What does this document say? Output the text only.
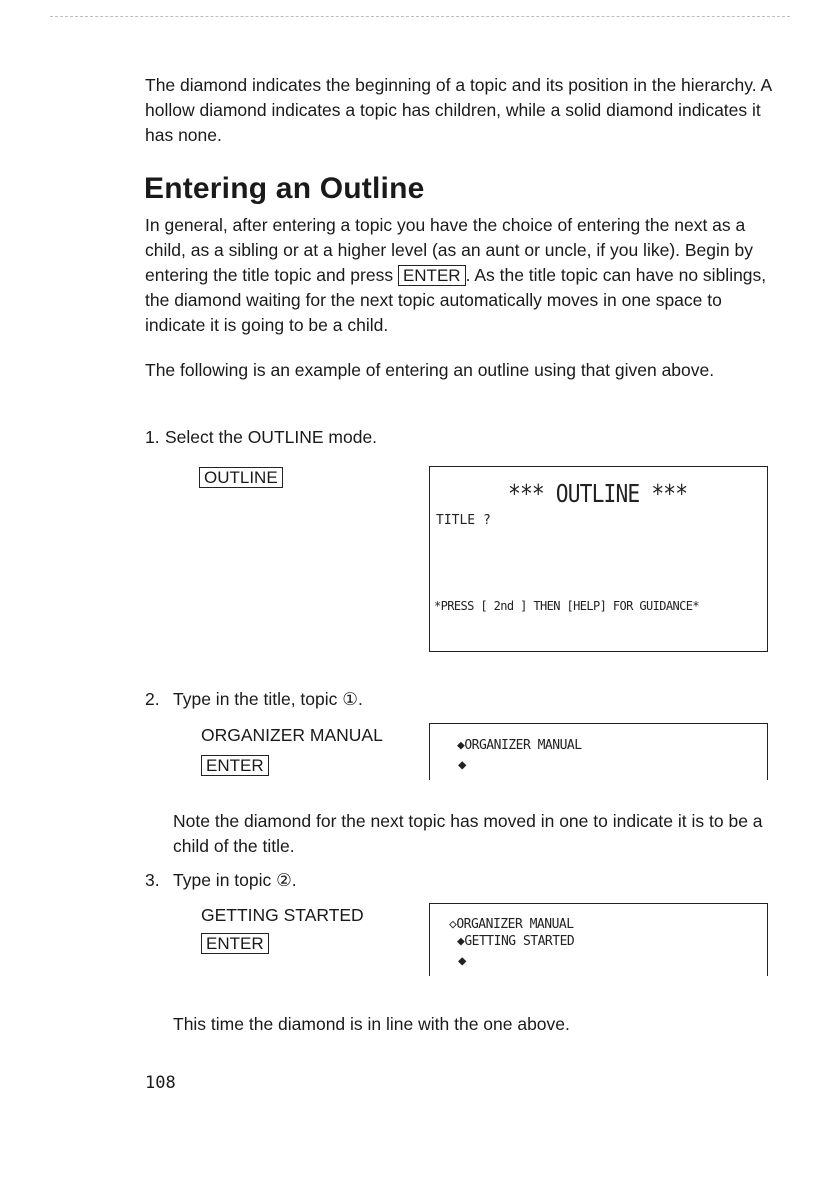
The diamond indicates the beginning of a topic and its position in the hierarchy. A hollow diamond indicates a topic has children, while a solid diamond indicates it has none.
Entering an Outline
In general, after entering a topic you have the choice of entering the next as a child, as a sibling or at a higher level (as an aunt or uncle, if you like). Begin by entering the title topic and press ENTER . As the title topic can have no siblings, the diamond waiting for the next topic automatically moves in one space to indicate it is going to be a child.
The following is an example of entering an outline using that given above.
1. Select the OUTLINE mode.
OUTLINE
*** OUTLINE ***
TITLE ?
*PRESS [ 2nd ] THEN [HELP] FOR GUIDANCE*
2. Type in the title, topic ①.
ORGANIZER MANUAL
ENTER
◆ORGANIZER MANUAL
◆
Note the diamond for the next topic has moved in one to indicate it is to be a child of the title.
3. Type in topic ②.
GETTING STARTED
ENTER
◇ORGANIZER MANUAL
◆GETTING STARTED
◆
This time the diamond is in line with the one above.
108
